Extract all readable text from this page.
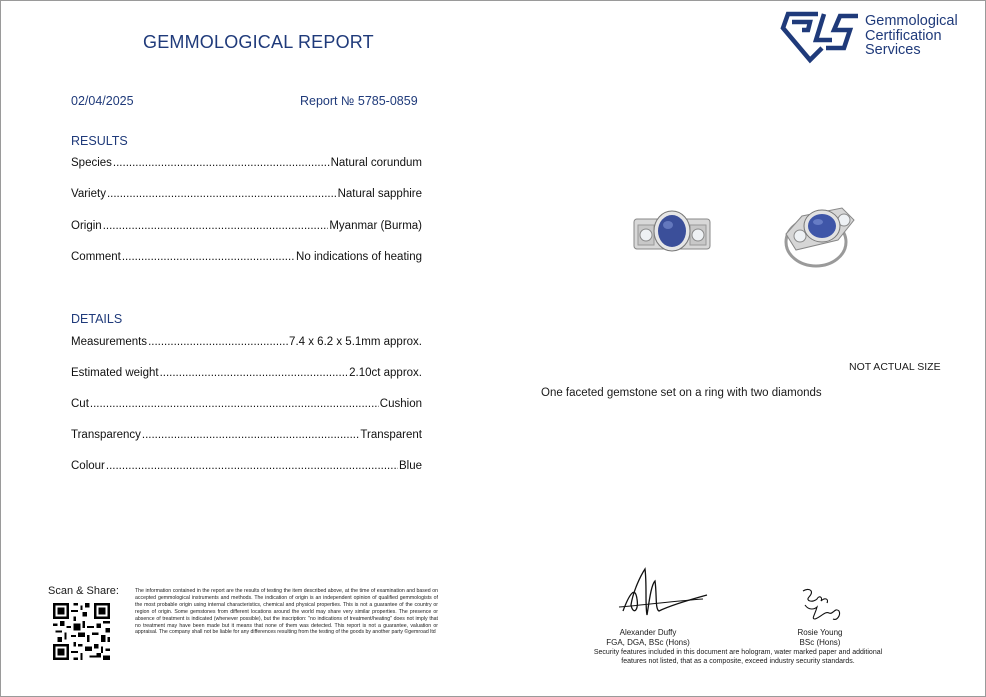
GEMMOLOGICAL REPORT
Gemmological
Certification
Services
02/04/2025	Report № 5785-0859
RESULTS
Species .....	Natural corundum
Variety .....	Natural sapphire
Origin .....	Myanmar (Burma)
Comment .....	No indications of heating
DETAILS
Measurements .....	7.4 x 6.2 x 5.1mm approx.
Estimated weight .....	2.10ct approx.
Cut .....	Cushion
Transparency .....	Transparent
Colour .....	Blue
NOT ACTUAL SIZE
One faceted gemstone set on a ring with two diamonds
Scan & Share:	The information contained in the report are the results of testing the item described above, at the time of examination and based on accepted gemmological instruments and methods. The indication of origin is an independent opinion of qualified gemmologists of the most probable origin using internal characteristics, chemical and physical properties. This is not a guarantee of the country or region of origin. Some gemstones from different locations around the world may share very similar properties. The presence or absence of treatment is indicated (whenever possible), but the inscription: "no indications of treatment/heating" does not imply that no treatment may have been made but it means that none of them was detected. This report is not a guarantee, valuation or appraisal. The company shall not be liable for any differences resulting from the testing of the goods by another party ©gemroad ltd	Alexander Duffy
FGA, DGA, BSc (Hons)
Rosie Young
BSc (Hons)
Security features included in this document are hologram, water marked paper and additional features not listed, that as a composite, exceed industry security standards.
